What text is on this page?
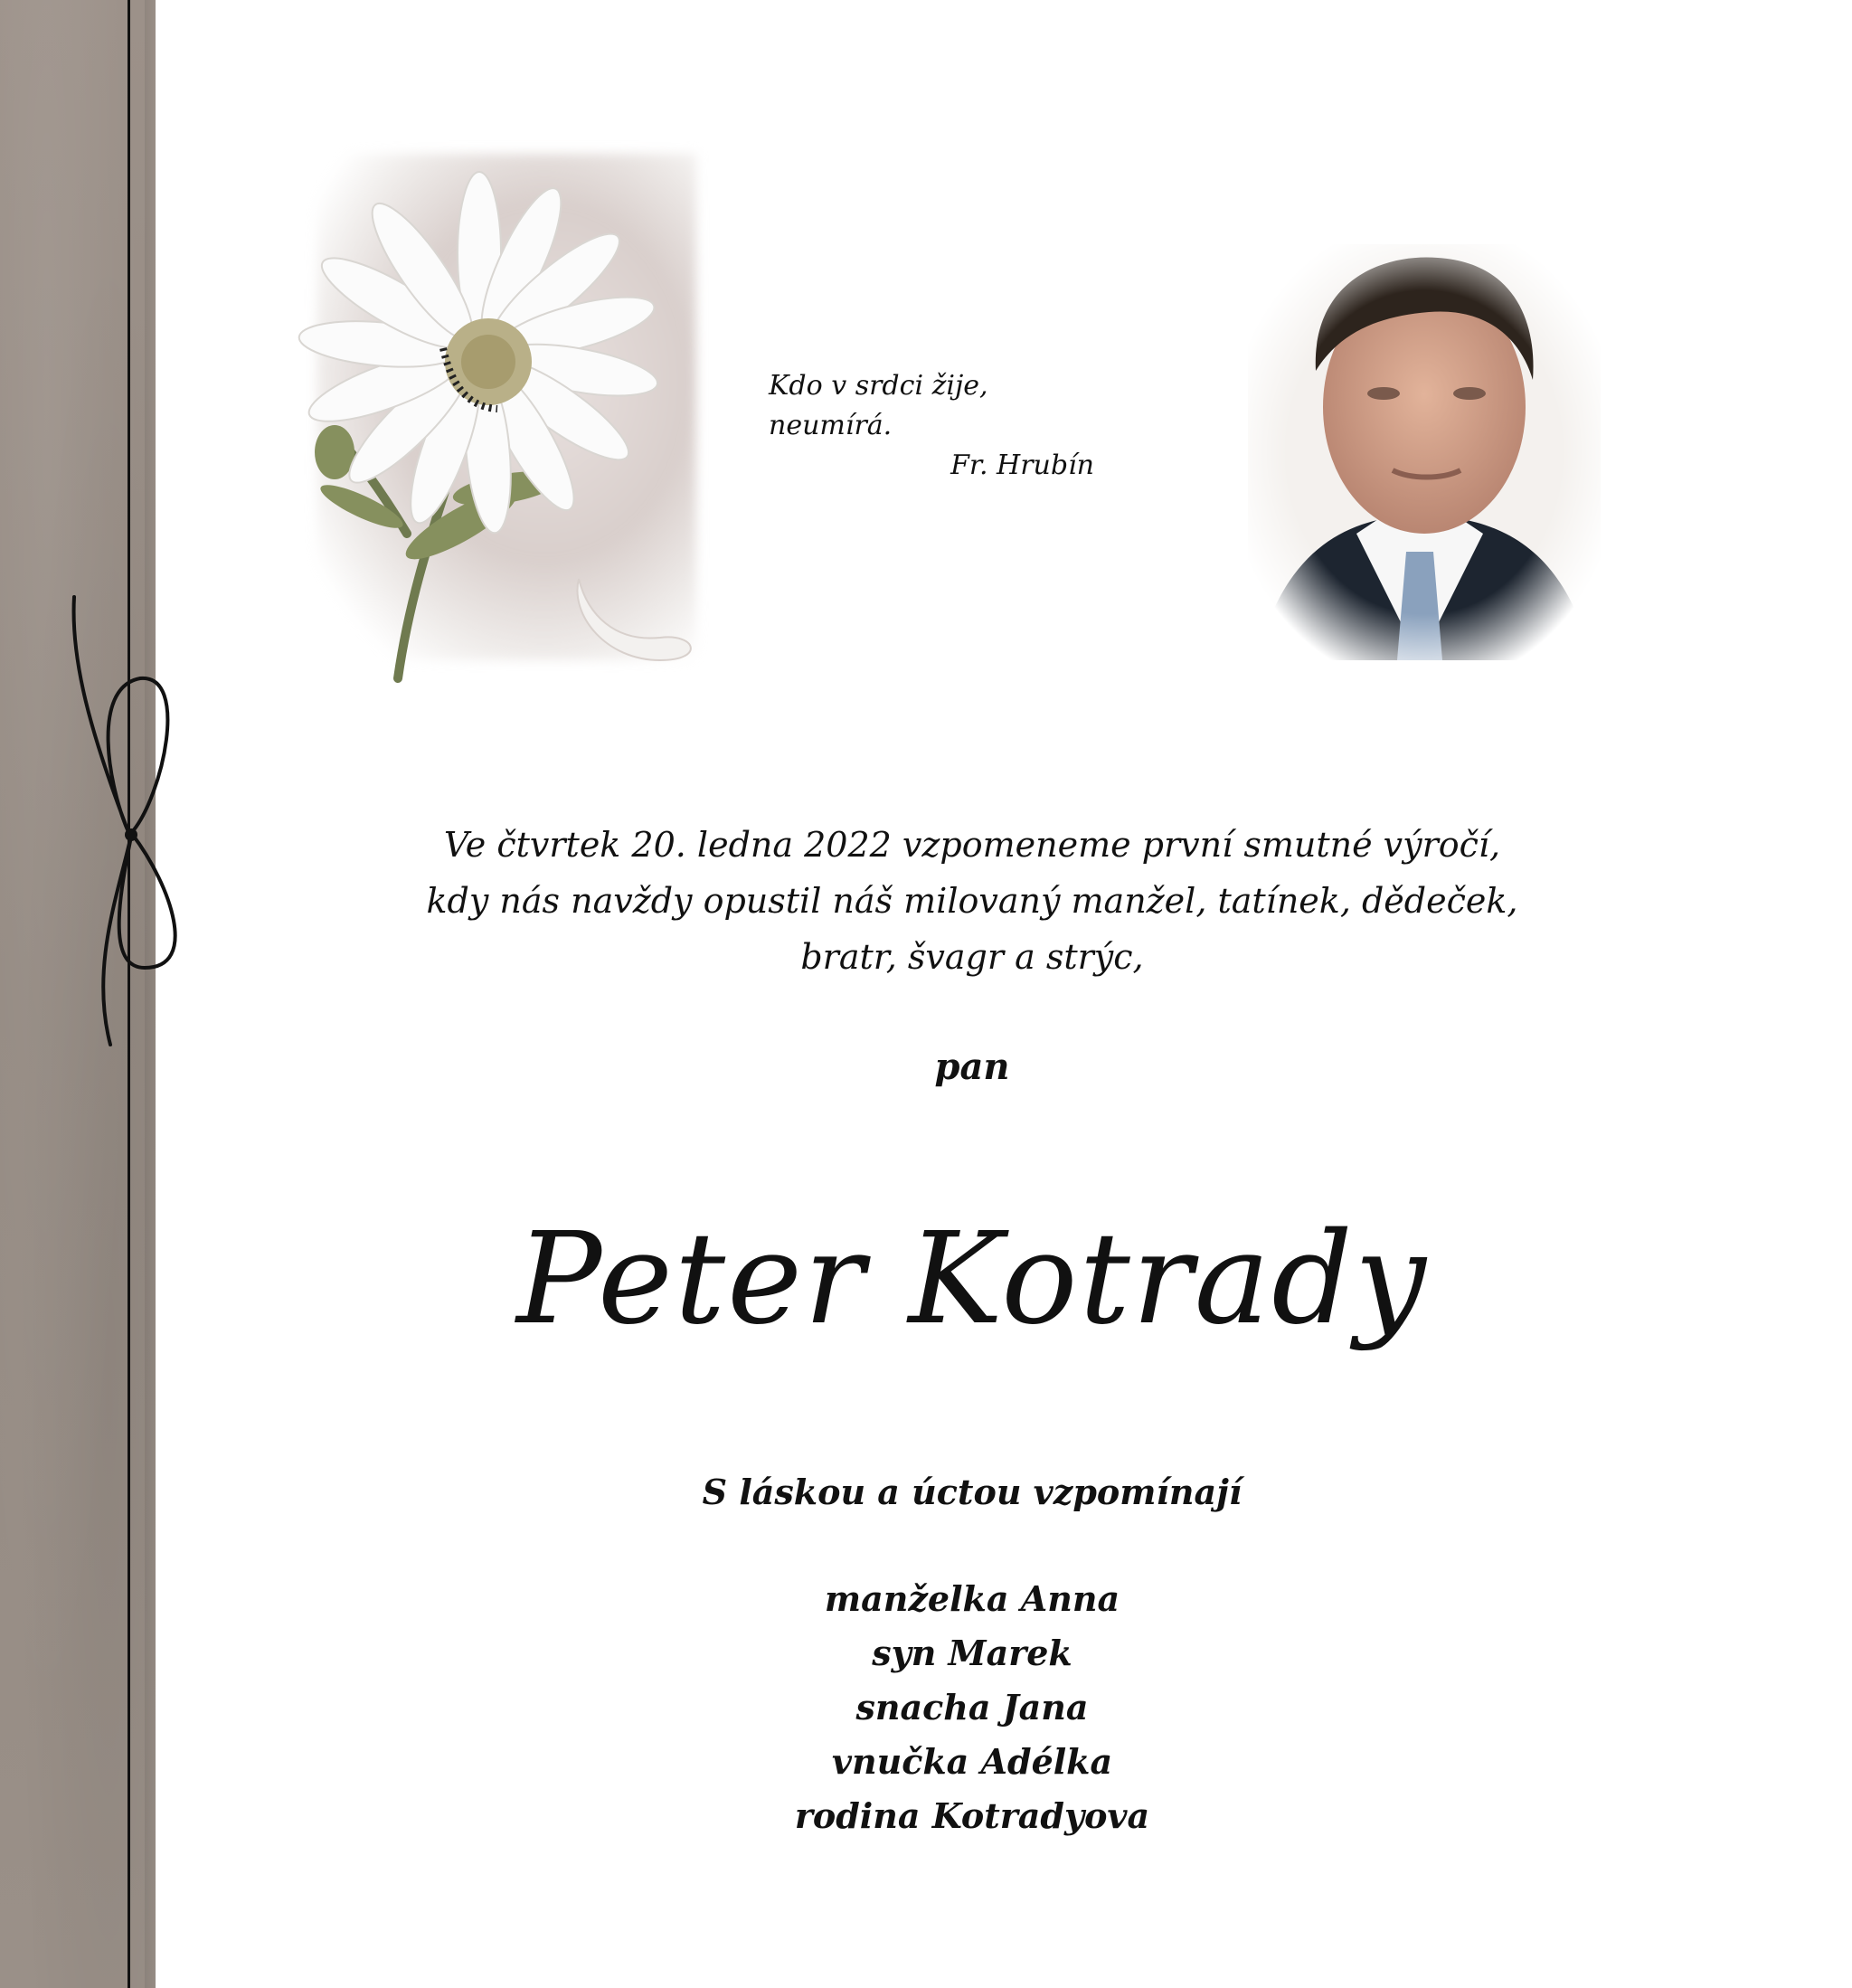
Kdo v srdci žije, neumírá.
Fr. Hrubín
Ve čtvrtek 20. ledna 2022 vzpomeneme první smutné výročí,
kdy nás navždy opustil náš milovaný manžel, tatínek, dědeček,
bratr, švagr a strýc,
pan
Peter Kotrady
S láskou a úctou vzpomínají
manželka Anna
syn Marek
snacha Jana
vnučka Adélka
rodina Kotradyova
